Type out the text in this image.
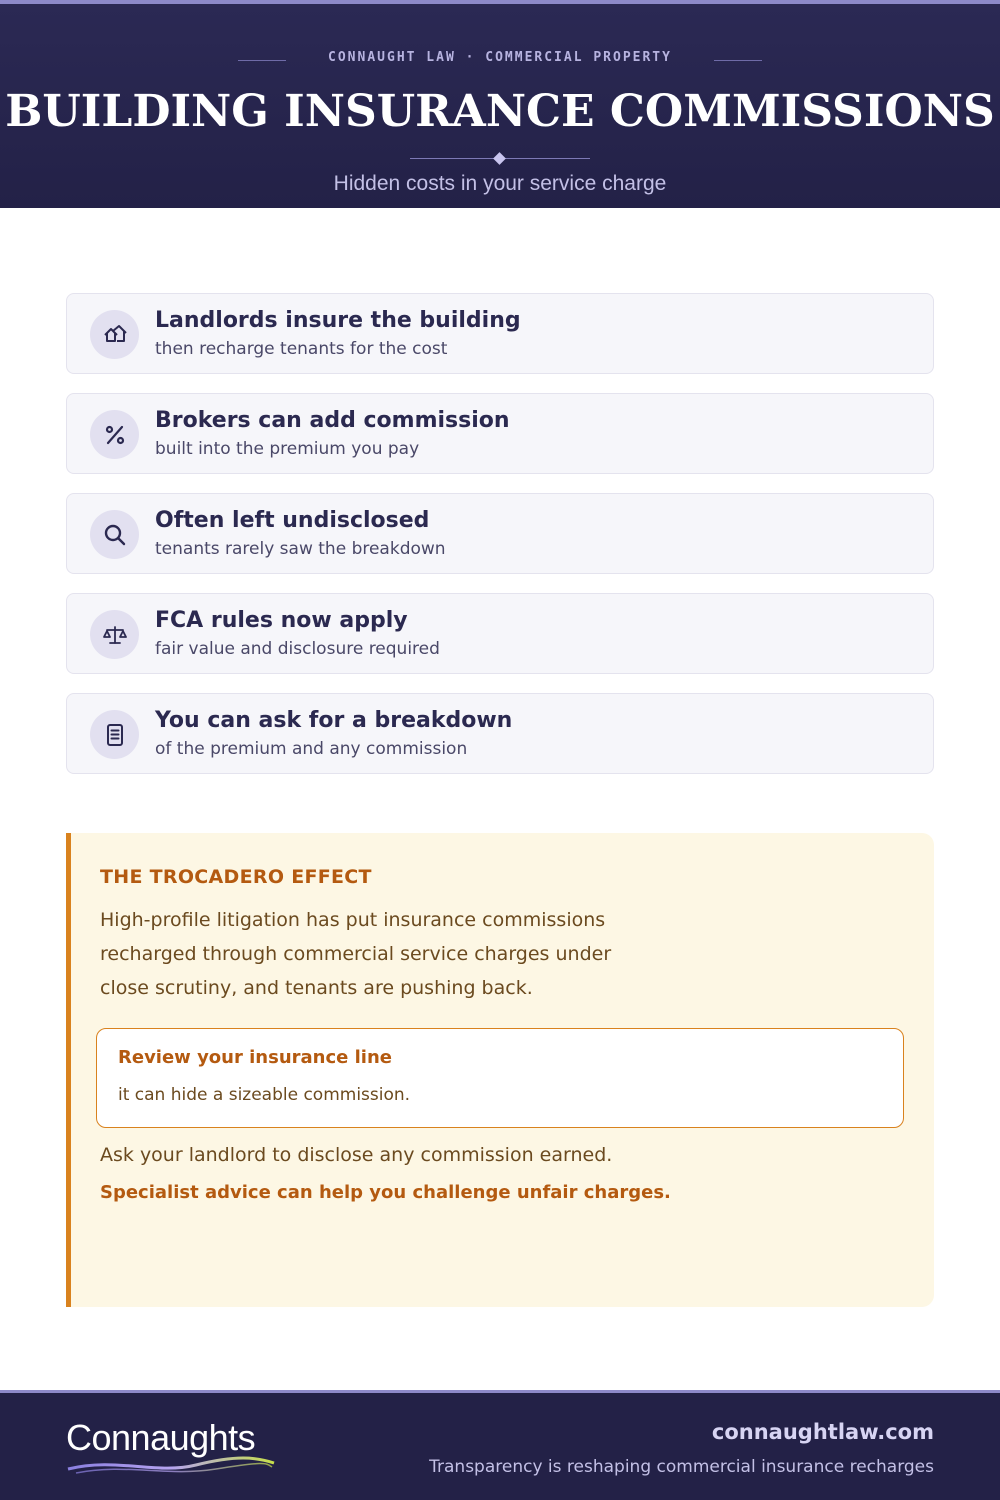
CONNAUGHT LAW · COMMERCIAL PROPERTY
BUILDING INSURANCE COMMISSIONS
Hidden costs in your service charge
Landlords insure the building
then recharge tenants for the cost
Brokers can add commission
built into the premium you pay
Often left undisclosed
tenants rarely saw the breakdown
FCA rules now apply
fair value and disclosure required
You can ask for a breakdown
of the premium and any commission
THE TROCADERO EFFECT
High-profile litigation has put insurance commissions recharged through commercial service charges under close scrutiny, and tenants are pushing back.
Review your insurance line
it can hide a sizeable commission.
Ask your landlord to disclose any commission earned.
Specialist advice can help you challenge unfair charges.
Connaughts	connaughtlaw.com
Transparency is reshaping commercial insurance recharges
